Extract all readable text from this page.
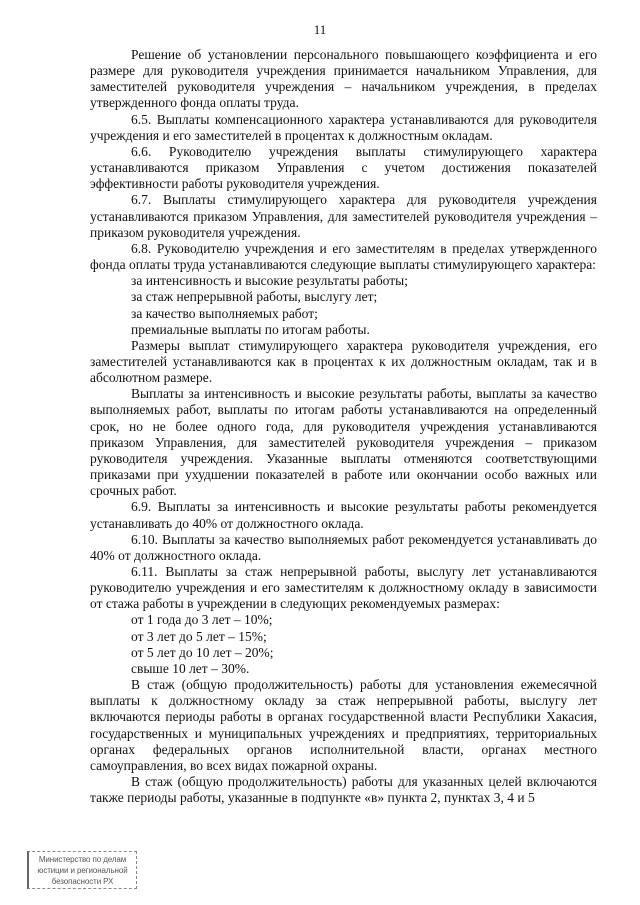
11

Решение об установлении персонального повышающего коэффициента и его размере для руководителя учреждения принимается начальником Управления, для заместителей руководителя учреждения – начальником учреждения, в пределах утвержденного фонда оплаты труда.

6.5. Выплаты компенсационного характера устанавливаются для руководителя учреждения и его заместителей в процентах к должностным окладам.

6.6. Руководителю учреждения выплаты стимулирующего характера устанавливаются приказом Управления с учетом достижения показателей эффективности работы руководителя учреждения.

6.7. Выплаты стимулирующего характера для руководителя учреждения устанавливаются приказом Управления, для заместителей руководителя учреждения – приказом руководителя учреждения.

6.8. Руководителю учреждения и его заместителям в пределах утвержденного фонда оплаты труда устанавливаются следующие выплаты стимулирующего характера:

за интенсивность и высокие результаты работы;

за стаж непрерывной работы, выслугу лет;

за качество выполняемых работ;

премиальные выплаты по итогам работы.

Размеры выплат стимулирующего характера руководителя учреждения, его заместителей устанавливаются как в процентах к их должностным окладам, так и в абсолютном размере.

Выплаты за интенсивность и высокие результаты работы, выплаты за качество выполняемых работ, выплаты по итогам работы устанавливаются на определенный срок, но не более одного года, для руководителя учреждения устанавливаются приказом Управления, для заместителей руководителя учреждения – приказом руководителя учреждения. Указанные выплаты отменяются соответствующими приказами при ухудшении показателей в работе или окончании особо важных или срочных работ.

6.9. Выплаты за интенсивность и высокие результаты работы рекомендуется устанавливать до 40% от должностного оклада.

6.10. Выплаты за качество выполняемых работ рекомендуется устанавливать до 40% от должностного оклада.

6.11. Выплаты за стаж непрерывной работы, выслугу лет устанавливаются руководителю учреждения и его заместителям к должностному окладу в зависимости от стажа работы в учреждении в следующих рекомендуемых размерах:

от 1 года до 3 лет – 10%;

от 3 лет до 5 лет – 15%;

от 5 лет до 10 лет – 20%;

свыше 10 лет – 30%.

В стаж (общую продолжительность) работы для установления ежемесячной выплаты к должностному окладу за стаж непрерывной работы, выслугу лет включаются периоды работы в органах государственной власти Республики Хакасия, государственных и муниципальных учреждениях и предприятиях, территориальных органах федеральных органов исполнительной власти, органах местного самоуправления, во всех видах пожарной охраны.

В стаж (общую продолжительность) работы для указанных целей включаются также периоды работы, указанные в подпункте «в» пункта 2, пунктах 3, 4 и 5

Министерство по делам
юстиции и региональной
безопасности РХ
